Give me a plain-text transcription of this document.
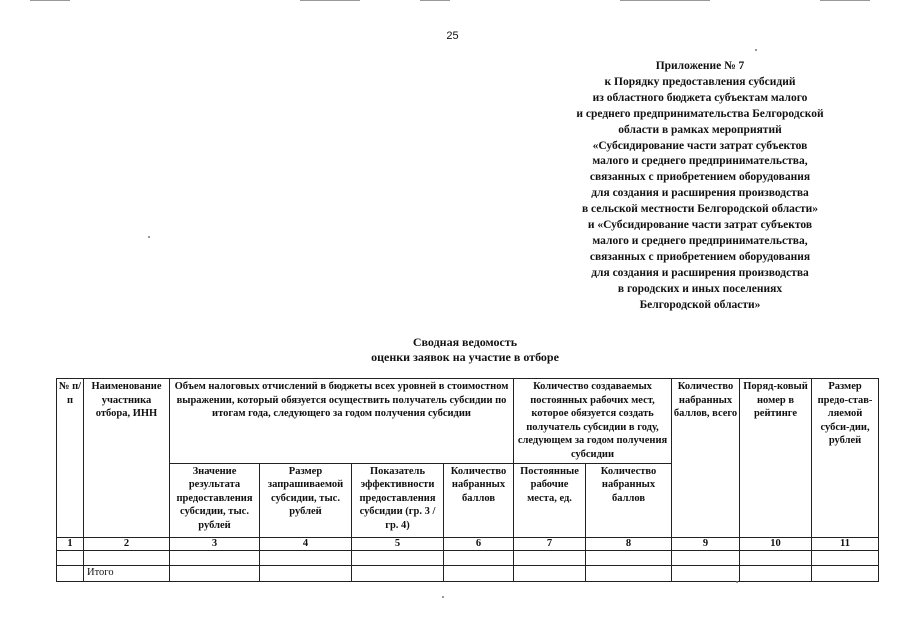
25
Приложение № 7
к Порядку предоставления субсидий
из областного бюджета субъектам малого
и среднего предпринимательства Белгородской
области в рамках мероприятий
«Субсидирование части затрат субъектов
малого и среднего предпринимательства,
связанных с приобретением оборудования
для создания и расширения производства
в сельской местности Белгородской области»
и «Субсидирование части затрат субъектов
малого и среднего предпринимательства,
связанных с приобретением оборудования
для создания и расширения производства
в городских и иных поселениях
Белгородской области»
Сводная ведомость
оценки заявок на участие в отборе
№ п/п	Наименование участника отбора, ИНН	Объем налоговых отчислений в бюджеты всех уровней в стоимостном выражении, который обязуется осуществить получатель субсидии по итогам года, следующего за годом получения субсидии				Количество создаваемых постоянных рабочих мест, которое обязуется создать получатель субсидии в году, следующем за годом получения субсидии		Количество набранных баллов, всего	Поряд-ковый номер в рейтинге	Размер предо-став-ляемой субси-дии, рублей
		Значение результата предоставления субсидии, тыс. рублей	Размер запрашиваемой субсидии, тыс. рублей	Показатель эффективности предоставления субсидии (гр. 3 / гр. 4)	Количество набранных баллов	Постоянные рабочие места, ед.	Количество набранных баллов			
1	2	3	4	5	6	7	8	9	10	11

	Итого									
